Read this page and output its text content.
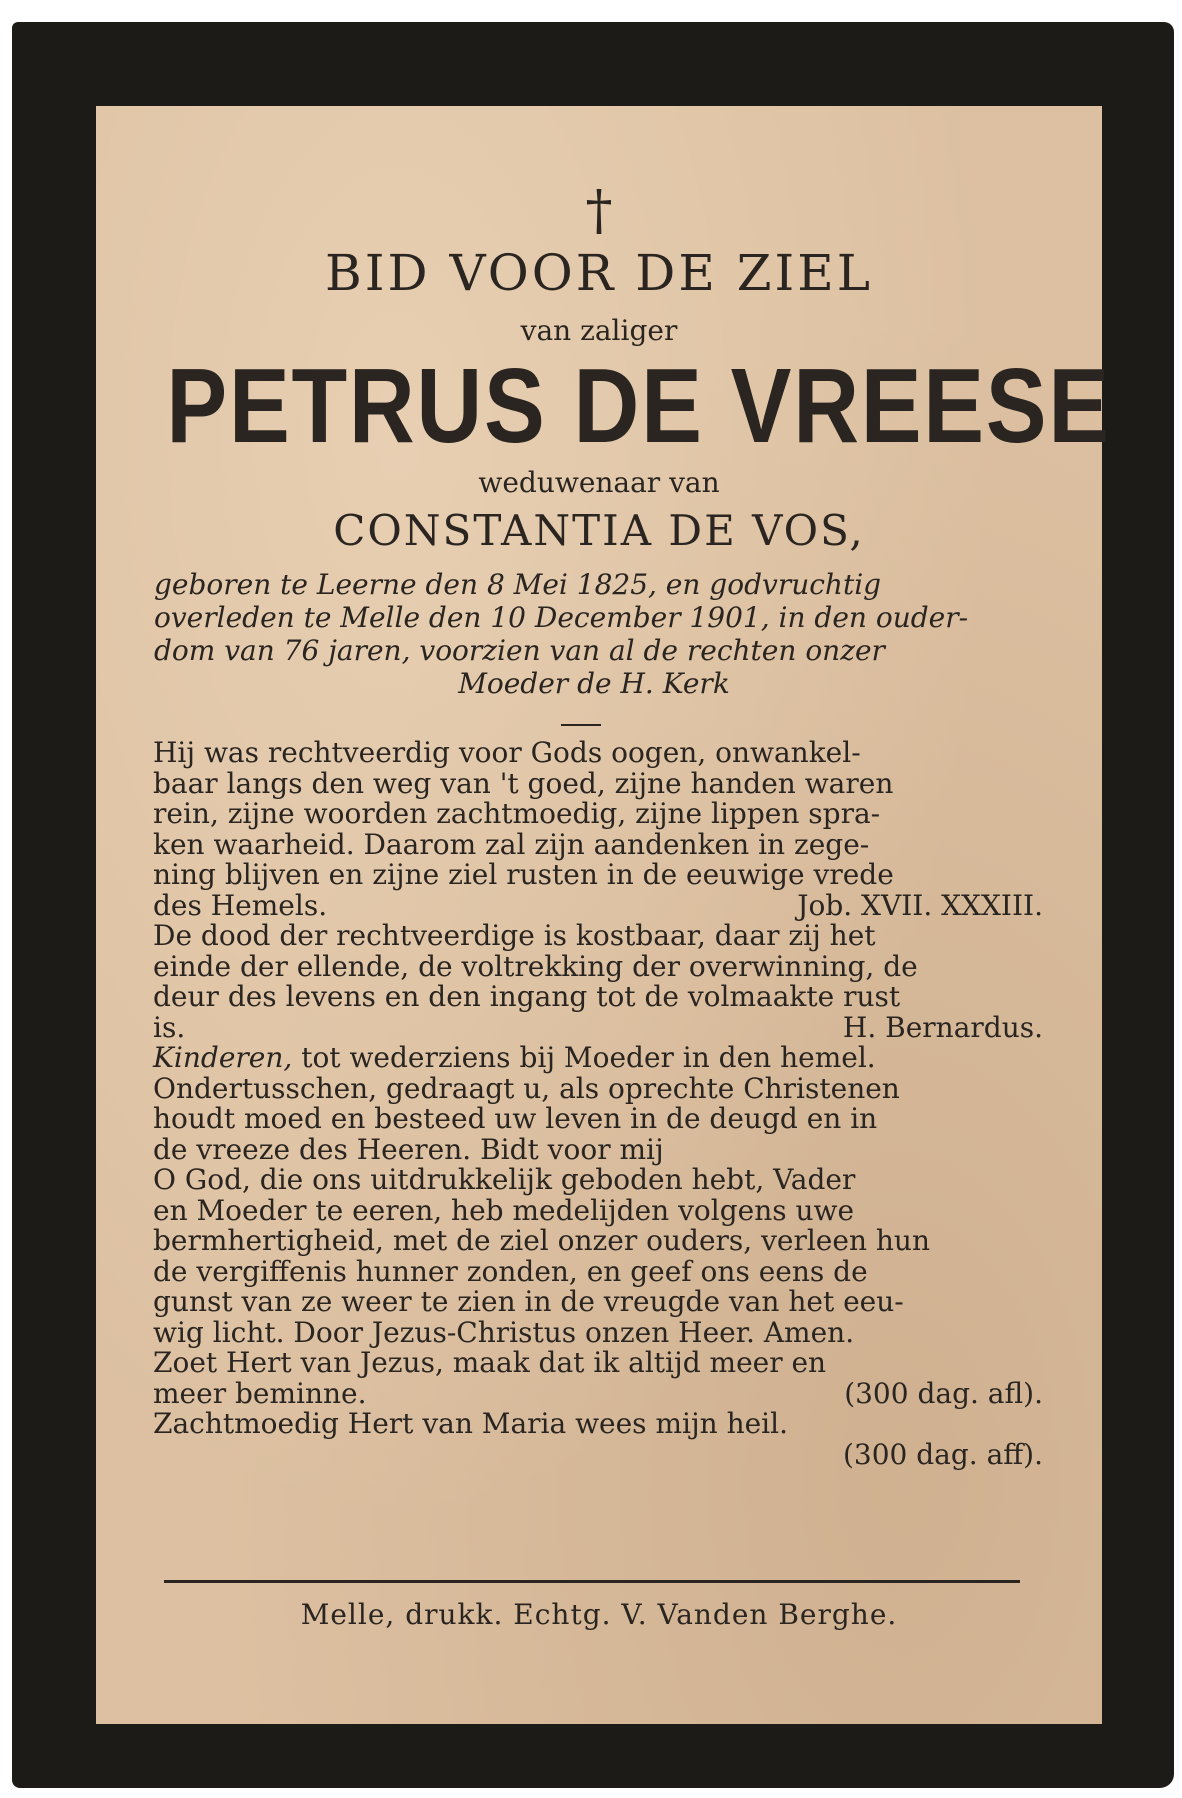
†
BID VOOR DE ZIEL
van zaliger
PETRUS DE VREESE
weduwenaar van
CONSTANTIA DE VOS,
geboren te Leerne den 8 Mei 1825, en godvruchtig
overleden te Melle den 10 December 1901, in den ouder-
dom van 76 jaren, voorzien van al de rechten onzer
Moeder de H. Kerk
Hij was rechtveerdig voor Gods oogen, onwankel-
baar langs den weg van 't goed, zijne handen waren
rein, zijne woorden zachtmoedig, zijne lippen spra-
ken waarheid. Daarom zal zijn aandenken in zege-
ning blijven en zijne ziel rusten in de eeuwige vrede
des Hemels.	Job. XVII. XXXIII.
De dood der rechtveerdige is kostbaar, daar zij het
einde der ellende, de voltrekking der overwinning, de
deur des levens en den ingang tot de volmaakte rust
is.	H. Bernardus.
Kinderen, tot wederziens bij Moeder in den hemel.
Ondertusschen, gedraagt u, als oprechte Christenen
houdt moed en besteed uw leven in de deugd en in
de vreeze des Heeren. Bidt voor mij
O God, die ons uitdrukkelijk geboden hebt, Vader
en Moeder te eeren, heb medelijden volgens uwe
bermhertigheid, met de ziel onzer ouders, verleen hun
de vergiffenis hunner zonden, en geef ons eens de
gunst van ze weer te zien in de vreugde van het eeu-
wig licht. Door Jezus-Christus onzen Heer. Amen.
Zoet Hert van Jezus, maak dat ik altijd meer en
meer beminne.	(300 dag. afl).
Zachtmoedig Hert van Maria wees mijn heil.
(300 dag. aff).
Melle, drukk. Echtg. V. Vanden Berghe.
